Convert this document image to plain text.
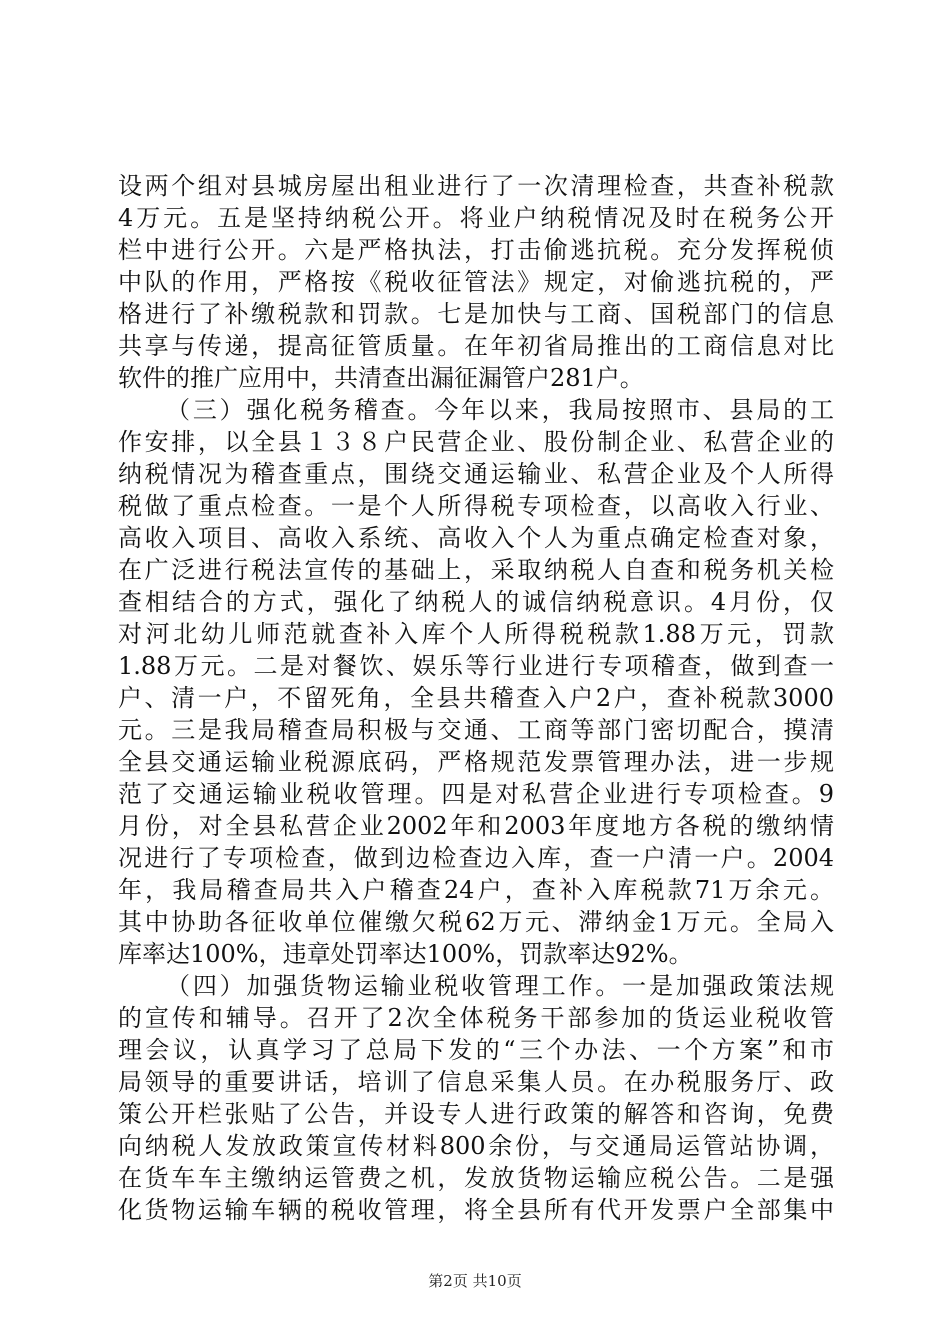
设两个组对县城房屋出租业进行了一次清理检查，共查补税款
4万元。五是坚持纳税公开。将业户纳税情况及时在税务公开
栏中进行公开。六是严格执法，打击偷逃抗税。充分发挥税侦
中队的作用，严格按《税收征管法》规定，对偷逃抗税的，严
格进行了补缴税款和罚款。七是加快与工商、国税部门的信息
共享与传递，提高征管质量。在年初省局推出的工商信息对比
软件的推广应用中，共清查出漏征漏管户281户。
（三）强化税务稽查。今年以来，我局按照市、县局的工
作安排，以全县１３８户民营企业、股份制企业、私营企业的
纳税情况为稽查重点，围绕交通运输业、私营企业及个人所得
税做了重点检查。一是个人所得税专项检查，以高收入行业、
高收入项目、高收入系统、高收入个人为重点确定检查对象，
在广泛进行税法宣传的基础上，采取纳税人自查和税务机关检
查相结合的方式，强化了纳税人的诚信纳税意识。4月份，仅
对河北幼儿师范就查补入库个人所得税税款1.88万元，罚款
1.88万元。二是对餐饮、娱乐等行业进行专项稽查，做到查一
户、清一户，不留死角，全县共稽查入户2户，查补税款3000
元。三是我局稽查局积极与交通、工商等部门密切配合，摸清
全县交通运输业税源底码，严格规范发票管理办法，进一步规
范了交通运输业税收管理。四是对私营企业进行专项检查。9
月份，对全县私营企业2002年和2003年度地方各税的缴纳情
况进行了专项检查，做到边检查边入库，查一户清一户。2004
年，我局稽查局共入户稽查24户，查补入库税款71万余元。
其中协助各征收单位催缴欠税62万元、滞纳金1万元。全局入
库率达100%，违章处罚率达100%，罚款率达92%。
（四）加强货物运输业税收管理工作。一是加强政策法规
的宣传和辅导。召开了2次全体税务干部参加的货运业税收管
理会议，认真学习了总局下发的“三个办法、一个方案”和市
局领导的重要讲话，培训了信息采集人员。在办税服务厅、政
策公开栏张贴了公告，并设专人进行政策的解答和咨询，免费
向纳税人发放政策宣传材料800余份，与交通局运管站协调，
在货车车主缴纳运管费之机，发放货物运输应税公告。二是强
化货物运输车辆的税收管理，将全县所有代开发票户全部集中
第2页 共10页
